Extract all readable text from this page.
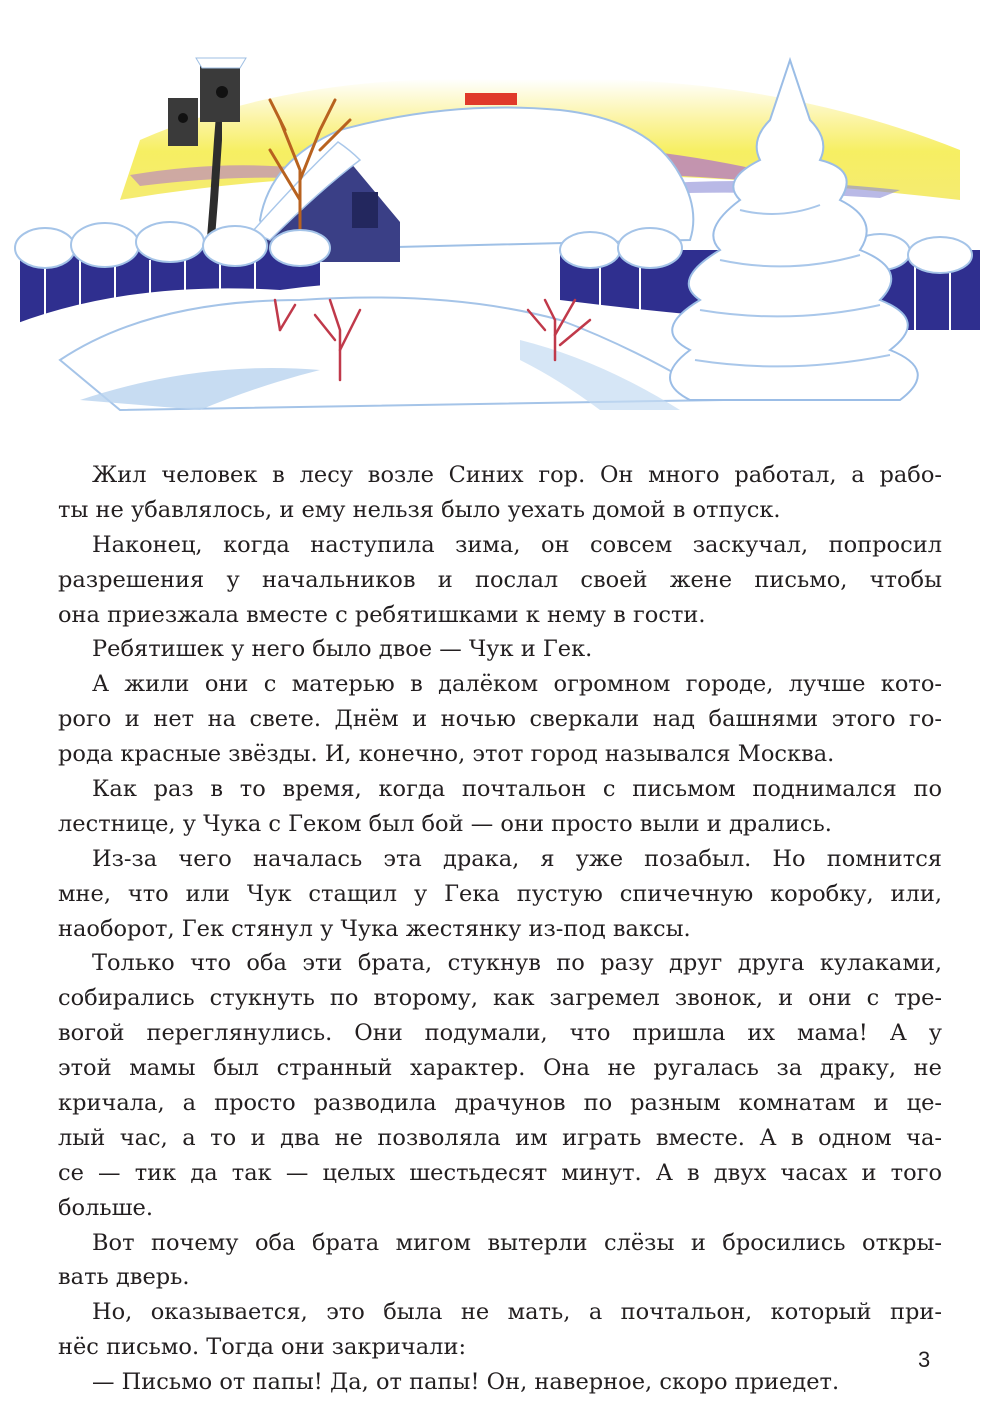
Жил человек в лесу возле Синих гор. Он много работал, а рабо-
ты не убавлялось, и ему нельзя было уехать домой в отпуск.
Наконец, когда наступила зима, он совсем заскучал, попросил
разрешения у начальников и послал своей жене письмо, чтобы
она приезжала вместе с ребятишками к нему в гости.
Ребятишек у него было двое — Чук и Гек.
А жили они с матерью в далёком огромном городе, лучше кото-
рого и нет на свете. Днём и ночью сверкали над башнями этого го-
рода красные звёзды. И, конечно, этот город назывался Москва.
Как раз в то время, когда почтальон с письмом поднимался по
лестнице, у Чука с Геком был бой — они просто выли и дрались.
Из-за чего началась эта драка, я уже позабыл. Но помнится
мне, что или Чук стащил у Гека пустую спичечную коробку, или,
наоборот, Гек стянул у Чука жестянку из-под ваксы.
Только что оба эти брата, стукнув по разу друг друга кулаками,
собирались стукнуть по второму, как загремел звонок, и они с тре-
вогой переглянулись. Они подумали, что пришла их мама! А у
этой мамы был странный характер. Она не ругалась за драку, не
кричала, а просто разводила драчунов по разным комнатам и це-
лый час, а то и два не позволяла им играть вместе. А в одном ча-
се — тик да так — целых шестьдесят минут. А в двух часах и того
больше.
Вот почему оба брата мигом вытерли слёзы и бросились откры-
вать дверь.
Но, оказывается, это была не мать, а почтальон, который при-
нёс письмо. Тогда они закричали:
— Письмо от папы! Да, от папы! Он, наверное, скоро приедет.
3
